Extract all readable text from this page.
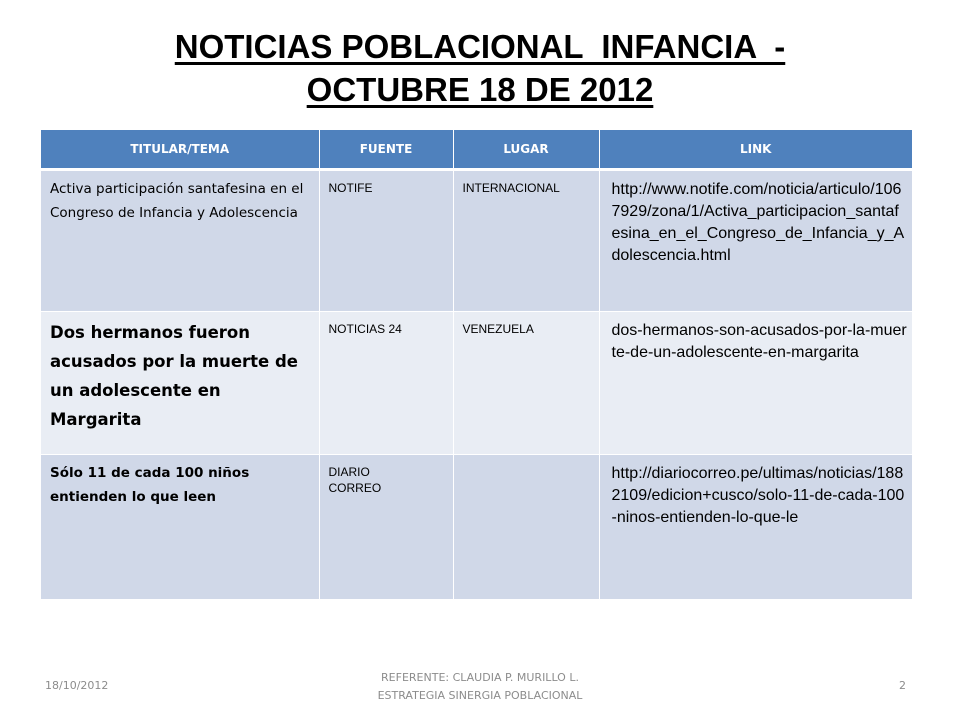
NOTICIAS POBLACIONAL  INFANCIA  -
OCTUBRE 18 DE 2012
TITULAR/TEMA	FUENTE	LUGAR	LINK
Activa participación santafesina en el Congreso de Infancia y Adolescencia	NOTIFE	INTERNACIONAL	http://www.notife.com/noticia/articulo/1067929/zona/1/Activa_participacion_santafesina_en_el_Congreso_de_Infancia_y_Adolescencia.html
Dos hermanos fueron acusados por la muerte de un adolescente en Margarita	NOTICIAS 24	VENEZUELA	dos-hermanos-son-acusados-por-la-muerte-de-un-adolescente-en-margarita
Sólo 11 de cada 100 niños entienden lo que leen	DIARIO CORREO		http://diariocorreo.pe/ultimas/noticias/1882109/edicion+cusco/solo-11-de-cada-100-ninos-entienden-lo-que-le
18/10/2012
REFERENTE: CLAUDIA P. MURILLO L.
ESTRATEGIA SINERGIA POBLACIONAL
2
